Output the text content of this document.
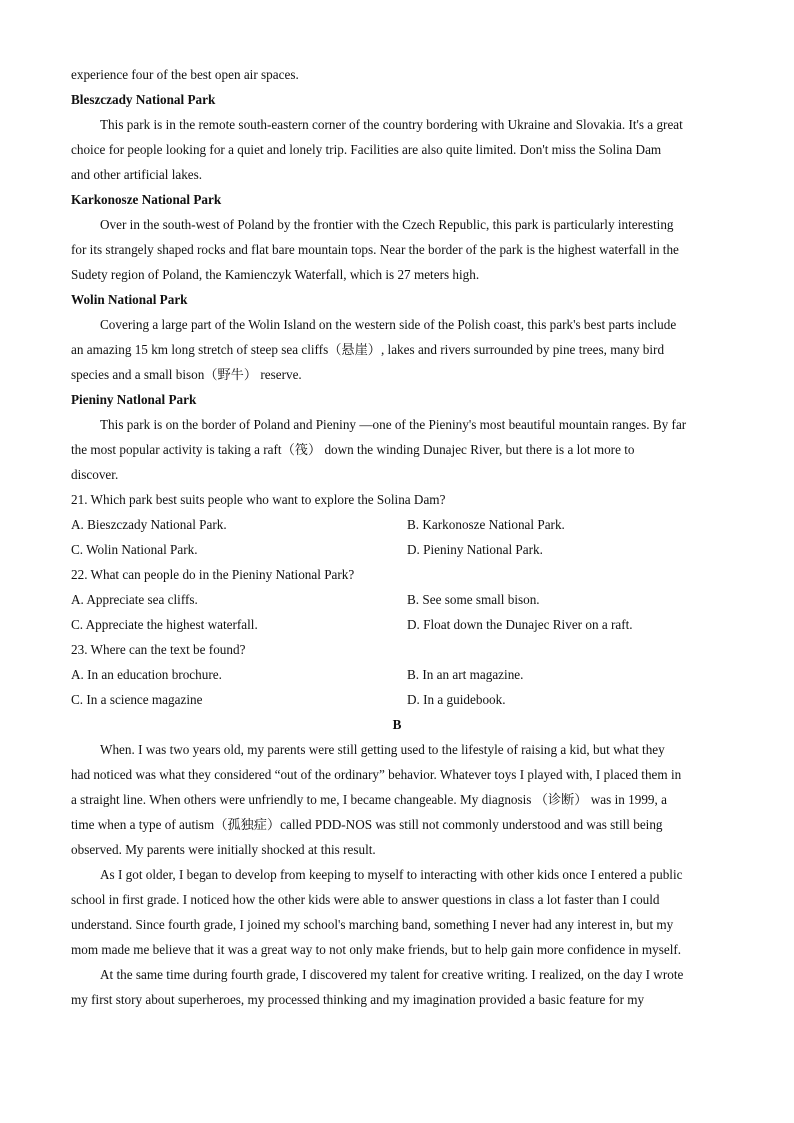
experience four of the best open air spaces.
Bleszczady National Park
This park is in the remote south-eastern corner of the country bordering with Ukraine and Slovakia. It's a great
choice for people looking for a quiet and lonely trip. Facilities are also quite limited. Don't miss the Solina Dam
and other artificial lakes.
Karkonosze National Park
Over in the south-west of Poland by the frontier with the Czech Republic, this park is particularly interesting
for its strangely shaped rocks and flat bare mountain tops. Near the border of the park is the highest waterfall in the
Sudety region of Poland, the Kamienczyk Waterfall, which is 27 meters high.
Wolin National Park
Covering a large part of the Wolin Island on the western side of the Polish coast, this park's best parts include
an amazing 15 km long stretch of steep sea cliffs（悬崖）, lakes and rivers surrounded by pine trees, many bird
species and a small bison（野牛） reserve.
Pieniny Natlonal Park
This park is on the border of Poland and Pieniny —one of the Pieniny's most beautiful mountain ranges. By far
the most popular activity is taking a raft（筏） down the winding Dunajec River, but there is a lot more to
discover.
21. Which park best suits people who want to explore the Solina Dam?
A. Bieszczady National Park.	B. Karkonosze National Park.
C. Wolin National Park.	D. Pieniny National Park.
22. What can people do in the Pieniny National Park?
A. Appreciate sea cliffs.	B. See some small bison.
C. Appreciate the highest waterfall.	D. Float down the Dunajec River on a raft.
23. Where can the text be found?
A. In an education brochure.	B. In an art magazine.
C. In a science magazine	D. In a guidebook.
B
When. I was two years old, my parents were still getting used to the lifestyle of raising a kid, but what they
had noticed was what they considered “out of the ordinary” behavior. Whatever toys I played with, I placed them in
a straight line. When others were unfriendly to me, I became changeable. My diagnosis （诊断） was in 1999, a
time when a type of autism（孤独症）called PDD-NOS was still not commonly understood and was still being
observed. My parents were initially shocked at this result.
As I got older, I began to develop from keeping to myself to interacting with other kids once I entered a public
school in first grade. I noticed how the other kids were able to answer questions in class a lot faster than I could
understand. Since fourth grade, I joined my school's marching band, something I never had any interest in, but my
mom made me believe that it was a great way to not only make friends, but to help gain more confidence in myself.
At the same time during fourth grade, I discovered my talent for creative writing. I realized, on the day I wrote
my first story about superheroes, my processed thinking and my imagination provided a basic feature for my
